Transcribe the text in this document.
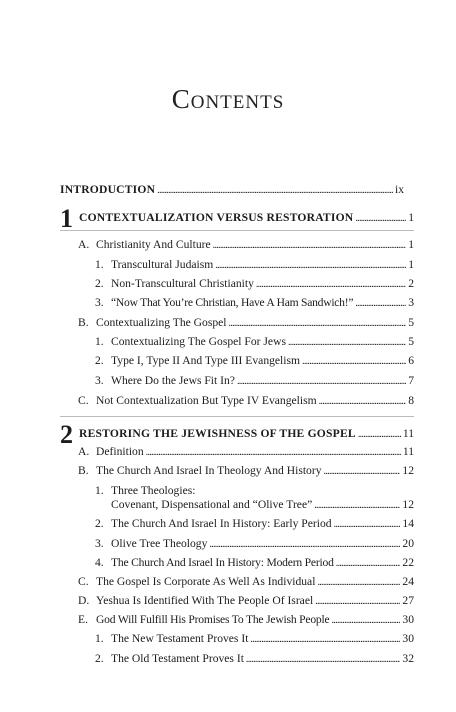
Contents
INTRODUCTION . . .	ix
1 CONTEXTUALIZATION VERSUS RESTORATION . . .	1
A. Christianity And Culture . . .	1
1. Transcultural Judaism . . .	1
2. Non-Transcultural Christianity . . .	2
3. “Now That You’re Christian, Have A Ham Sandwich!” . . .	3
B. Contextualizing The Gospel . . .	5
1. Contextualizing The Gospel For Jews . . .	5
2. Type I, Type II And Type III Evangelism . . .	6
3. Where Do the Jews Fit In? . . .	7
C. Not Contextualization But Type IV Evangelism . . .	8
2 RESTORING THE JEWISHNESS OF THE GOSPEL . . .	11
A. Definition . . .	11
B. The Church And Israel In Theology And History . . .	12
1. Three Theologies:
Covenant, Dispensational and “Olive Tree” . . .	12
2. The Church And Israel In History: Early Period . . .	14
3. Olive Tree Theology . . .	20
4. The Church And Israel In History: Modern Period . . .	22
C. The Gospel Is Corporate As Well As Individual . . .	24
D. Yeshua Is Identified With The People Of Israel . . .	27
E. God Will Fulfill His Promises To The Jewish People . . .	30
1. The New Testament Proves It . . .	30
2. The Old Testament Proves It . . .	32
